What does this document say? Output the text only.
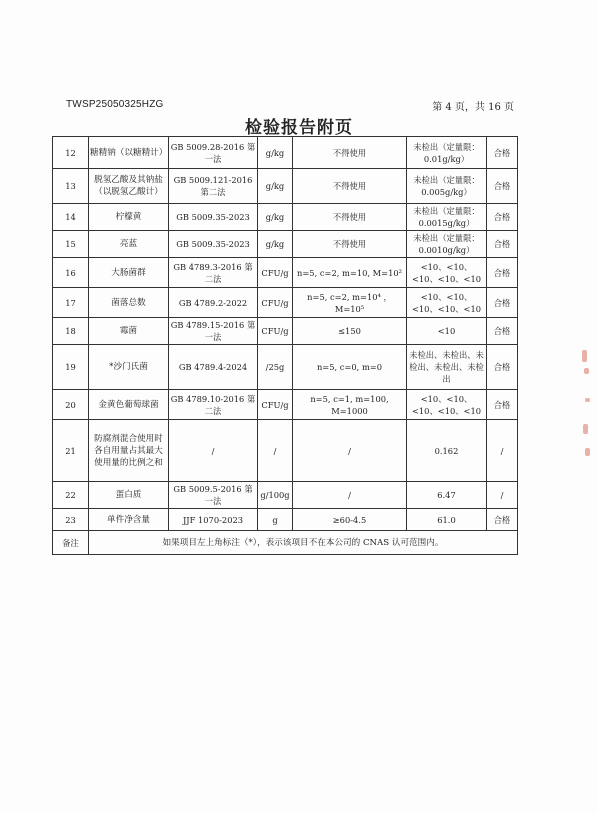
TWSP25050325HZG	第 4 页，共 16 页
检验报告附页
12	糖精钠（以糖精计）	GB 5009.28-2016 第一法	g/kg	不得使用	未检出（定量限：0.01g/kg）	合格
13	脱氢乙酸及其钠盐（以脱氢乙酸计）	GB 5009.121-2016 第二法	g/kg	不得使用	未检出（定量限：0.005g/kg）	合格
14	柠檬黄	GB 5009.35-2023	g/kg	不得使用	未检出（定量限：0.0015g/kg）	合格
15	亮蓝	GB 5009.35-2023	g/kg	不得使用	未检出（定量限：0.0010g/kg）	合格
16	大肠菌群	GB 4789.3-2016 第二法	CFU/g	n=5, c=2, m=10, M=10²	<10、<10、<10、<10、<10	合格
17	菌落总数	GB 4789.2-2022	CFU/g	n=5, c=2, m=10⁴ ，M=10⁵	<10、<10、<10、<10、<10	合格
18	霉菌	GB 4789.15-2016 第一法	CFU/g	≤150	<10	合格
19	*沙门氏菌	GB 4789.4-2024	/25g	n=5, c=0, m=0	未检出、未检出、未检出、未检出、未检出	合格
20	金黄色葡萄球菌	GB 4789.10-2016 第二法	CFU/g	n=5, c=1, m=100, M=1000	<10、<10、<10、<10、<10	合格
21	防腐剂混合使用时各自用量占其最大使用量的比例之和	/	/	/	0.162	/
22	蛋白质	GB 5009.5-2016 第一法	g/100g	/	6.47	/
23	单件净含量	JJF 1070-2023	g	≥60-4.5	61.0	合格
备注	如果项目左上角标注（*），表示该项目不在本公司的 CNAS 认可范围内。					
